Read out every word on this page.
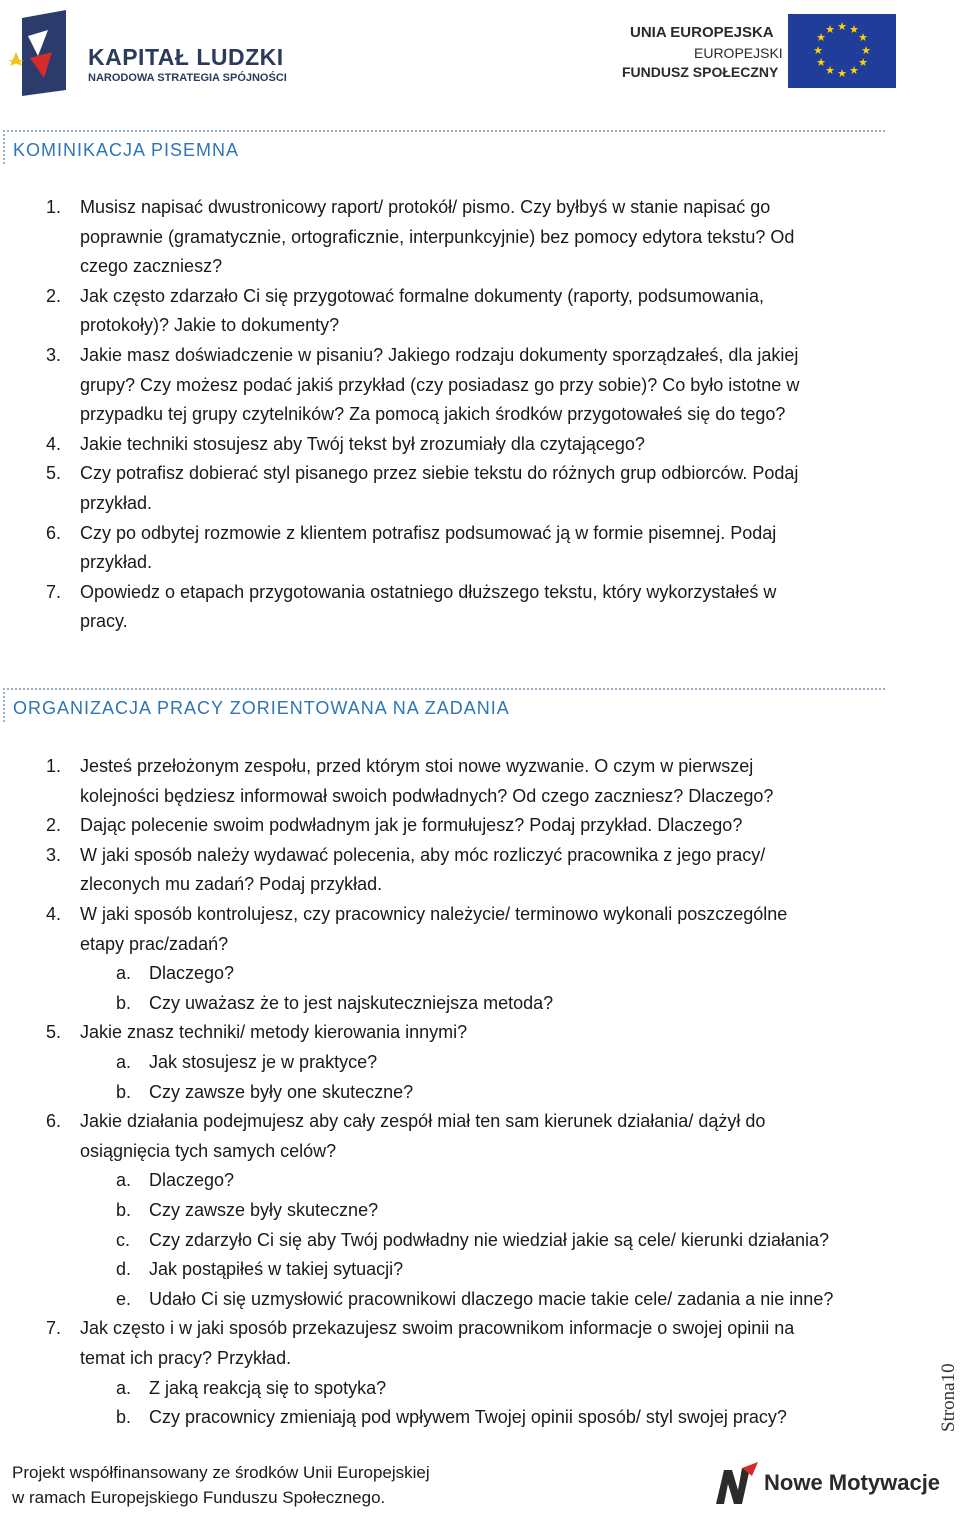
KAPITAŁ LUDZKI
NARODOWA STRATEGIA SPÓJNOŚCI
UNIA EUROPEJSKA
EUROPEJSKI
FUNDUSZ SPOŁECZNY
★ ★
★
★
★
★
★
★
★
★
★
★
KOMINIKACJA PISEMNA
1. Musisz napisać dwustronicowy raport/ protokół/ pismo. Czy byłbyś w stanie napisać go
poprawnie (gramatycznie, ortograficznie, interpunkcyjnie) bez pomocy edytora tekstu? Od
czego zaczniesz?
2. Jak często zdarzało Ci się przygotować formalne dokumenty (raporty, podsumowania,
protokoły)? Jakie to dokumenty?
3. Jakie masz doświadczenie w pisaniu? Jakiego rodzaju dokumenty sporządzałeś, dla jakiej
grupy? Czy możesz podać jakiś przykład (czy posiadasz go przy sobie)? Co było istotne w
przypadku tej grupy czytelników? Za pomocą jakich środków przygotowałeś się do tego?
4. Jakie techniki stosujesz aby Twój tekst był zrozumiały dla czytającego?
5. Czy potrafisz dobierać styl pisanego przez siebie tekstu do różnych grup odbiorców. Podaj
przykład.
6. Czy po odbytej rozmowie z klientem potrafisz podsumować ją w formie pisemnej. Podaj
przykład.
7. Opowiedz o etapach przygotowania ostatniego dłuższego tekstu, który wykorzystałeś w
pracy.
ORGANIZACJA PRACY ZORIENTOWANA NA ZADANIA
1. Jesteś przełożonym zespołu, przed którym stoi nowe wyzwanie. O czym w pierwszej
kolejności będziesz informował swoich podwładnych? Od czego zaczniesz? Dlaczego?
2. Dając polecenie swoim podwładnym jak je formułujesz? Podaj przykład. Dlaczego?
3. W jaki sposób należy wydawać polecenia, aby móc rozliczyć pracownika z jego pracy/
zleconych mu zadań? Podaj przykład.
4. W jaki sposób kontrolujesz, czy pracownicy należycie/ terminowo wykonali poszczególne
etapy prac/zadań?
a. Dlaczego?
b. Czy uważasz że to jest najskuteczniejsza metoda?
5. Jakie znasz techniki/ metody kierowania innymi?
a. Jak stosujesz je w praktyce?
b. Czy zawsze były one skuteczne?
6. Jakie działania podejmujesz aby cały zespół miał ten sam kierunek działania/ dążył do
osiągnięcia tych samych celów?
a. Dlaczego?
b. Czy zawsze były skuteczne?
c. Czy zdarzyło Ci się aby Twój podwładny nie wiedział jakie są cele/ kierunki działania?
d. Jak postąpiłeś w takiej sytuacji?
e. Udało Ci się uzmysłowić pracownikowi dlaczego macie takie cele/ zadania a nie inne?
7. Jak często i w jaki sposób przekazujesz swoim pracownikom informacje o swojej opinii na
temat ich pracy? Przykład.
a. Z jaką reakcją się to spotyka?
b. Czy pracownicy zmieniają pod wpływem Twojej opinii sposób/ styl swojej pracy?
Projekt współfinansowany ze środków Unii Europejskiej
w ramach Europejskiego Funduszu Społecznego.
Nowe Motywacje
Strona10
